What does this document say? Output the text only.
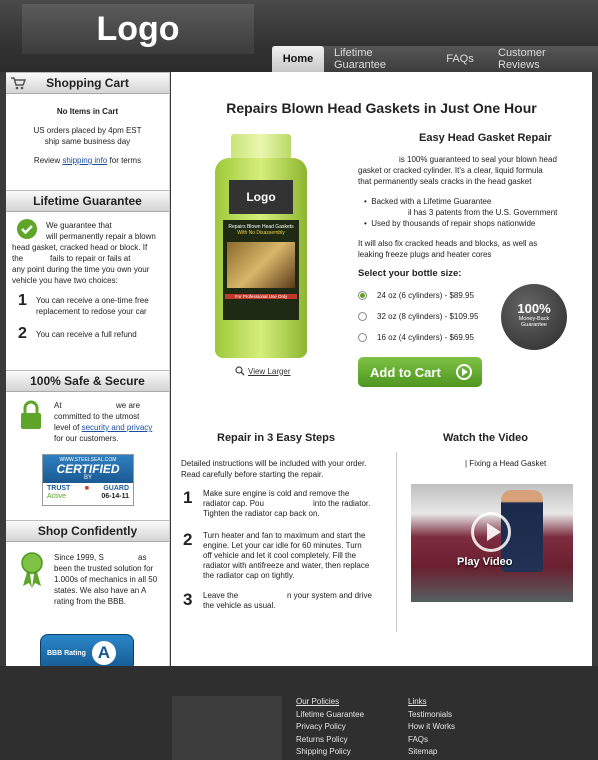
Logo
Home	Lifetime Guarantee	FAQs	Customer Reviews
Shopping Cart
No Items in Cart
US orders placed by 4pm EST
ship same business day
Review shipping info for terms
Lifetime Guarantee
We guarantee that
will permanently repair a blown
head gasket, cracked head or block. If
the	fails to repair or fails at
any point during the time you own your
vehicle you have two choices:
1 You can receive a one-time free
replacement to redose your car
2 You can receive a full refund
100% Safe & Secure
At	we are
committed to the utmost
level of security and privacy
for our customers.
WWW.STEELSEAL.COM
CERTIFIED
BY
TRUST ■ GUARD
Active	06-14-11
Shop Confidently
Since 1999, S	as
been the trusted solution for
1.000s of mechanics in all 50
states. We also have an A
rating from the BBB.
BBB Rating A
Repairs Blown Head Gaskets in Just One Hour
Logo
Repairs Blown Head Gaskets
With No Disassembly
For Professional Use Only
View Larger
Easy Head Gasket Repair
is 100% guaranteed to seal your blown head
gasket or cracked cylinder. It's a clear, liquid formula
that permanently seals cracks in the head gasket
•  Backed with a Lifetime Guarantee
il has 3 patents from the U.S. Government
•  Used by thousands of repair shops nationwide
It will also fix cracked heads and blocks, as well as
leaking freeze plugs and heater cores
Select your bottle size:
24 oz (6 cylinders) - $89.95
32 oz (8 cylinders) - $109.95
16 oz (4 cylinders) - $69.95
100%
Money-Back
Guarantee
Add to Cart
Repair in 3 Easy Steps
Detailed instructions will be included with your order.
Read carefully before starting the repair.
1 Make sure engine is cold and remove the
radiator cap. Pou	into the radiator.
Tighten the radiator cap back on.
2 Turn heater and fan to maximum and start the
engine. Let your car idle for 60 minutes. Turn
off vehicle and let it cool completely. Fill the
radiator with antifreeze and water, then replace
the radiator cap on tightly.
3 Leave the	n your system and drive
the vehicle as usual.
Watch the Video
| Fixing a Head Gasket
Play Video
Our Policies
Lifetime Guarantee
Privacy Policy
Returns Policy
Shipping Policy
Links
Testimonials
How it Works
FAQs
Sitemap
